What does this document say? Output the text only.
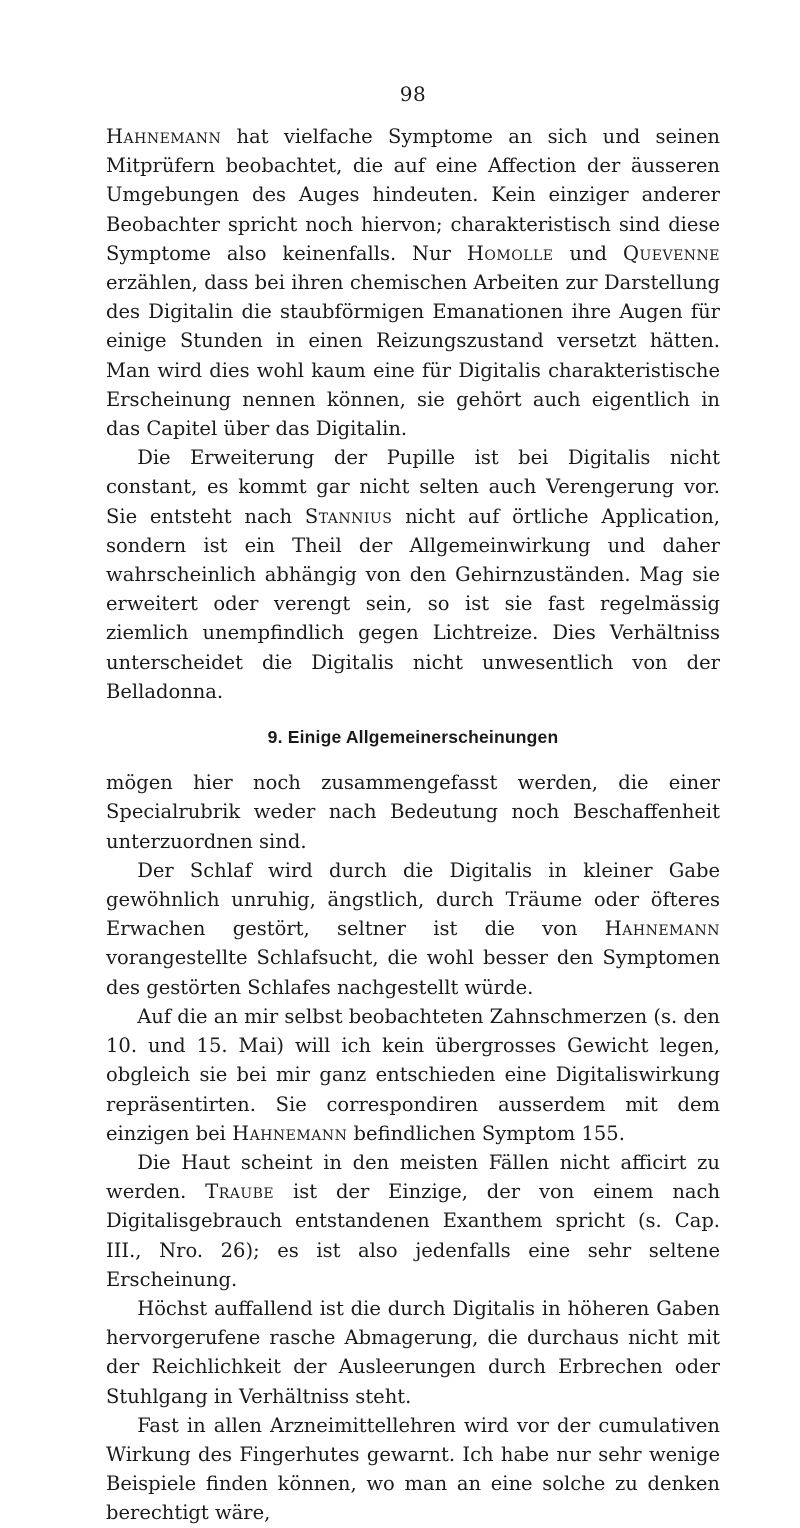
98

Hahnemann hat vielfache Symptome an sich und seinen Mitprüfern beobachtet, die auf eine Affection der äusseren Umgebungen des Auges hindeuten. Kein einziger anderer Beobachter spricht noch hiervon; charakteristisch sind diese Symptome also keinenfalls. Nur Homolle und Quevenne erzählen, dass bei ihren chemischen Arbeiten zur Darstellung des Digitalin die staubförmigen Emanationen ihre Augen für einige Stunden in einen Reizungszustand versetzt hätten. Man wird dies wohl kaum eine für Digitalis charakteristische Erscheinung nennen können, sie gehört auch eigentlich in das Capitel über das Digitalin.

Die Erweiterung der Pupille ist bei Digitalis nicht constant, es kommt gar nicht selten auch Verengerung vor. Sie entsteht nach Stannius nicht auf örtliche Application, sondern ist ein Theil der Allgemeinwirkung und daher wahrscheinlich abhängig von den Gehirnzuständen. Mag sie erweitert oder verengt sein, so ist sie fast regelmässig ziemlich unempfindlich gegen Lichtreize. Dies Verhältniss unterscheidet die Digitalis nicht unwesentlich von der Belladonna.

9. Einige Allgemeinerscheinungen

mögen hier noch zusammengefasst werden, die einer Specialrubrik weder nach Bedeutung noch Beschaffenheit unterzuordnen sind.

Der Schlaf wird durch die Digitalis in kleiner Gabe gewöhnlich unruhig, ängstlich, durch Träume oder öfteres Erwachen gestört, seltner ist die von Hahnemann vorangestellte Schlafsucht, die wohl besser den Symptomen des gestörten Schlafes nachgestellt würde.

Auf die an mir selbst beobachteten Zahnschmerzen (s. den 10. und 15. Mai) will ich kein übergrosses Gewicht legen, obgleich sie bei mir ganz entschieden eine Digitaliswirkung repräsentirten. Sie correspondiren ausserdem mit dem einzigen bei Hahnemann befindlichen Symptom 155.

Die Haut scheint in den meisten Fällen nicht afficirt zu werden. Traube ist der Einzige, der von einem nach Digitalisgebrauch entstandenen Exanthem spricht (s. Cap. III., Nro. 26); es ist also jedenfalls eine sehr seltene Erscheinung.

Höchst auffallend ist die durch Digitalis in höheren Gaben hervorgerufene rasche Abmagerung, die durchaus nicht mit der Reichlichkeit der Ausleerungen durch Erbrechen oder Stuhlgang in Verhältniss steht.

Fast in allen Arzneimittellehren wird vor der cumulativen Wirkung des Fingerhutes gewarnt. Ich habe nur sehr wenige Beispiele finden können, wo man an eine solche zu denken berechtigt wäre,
